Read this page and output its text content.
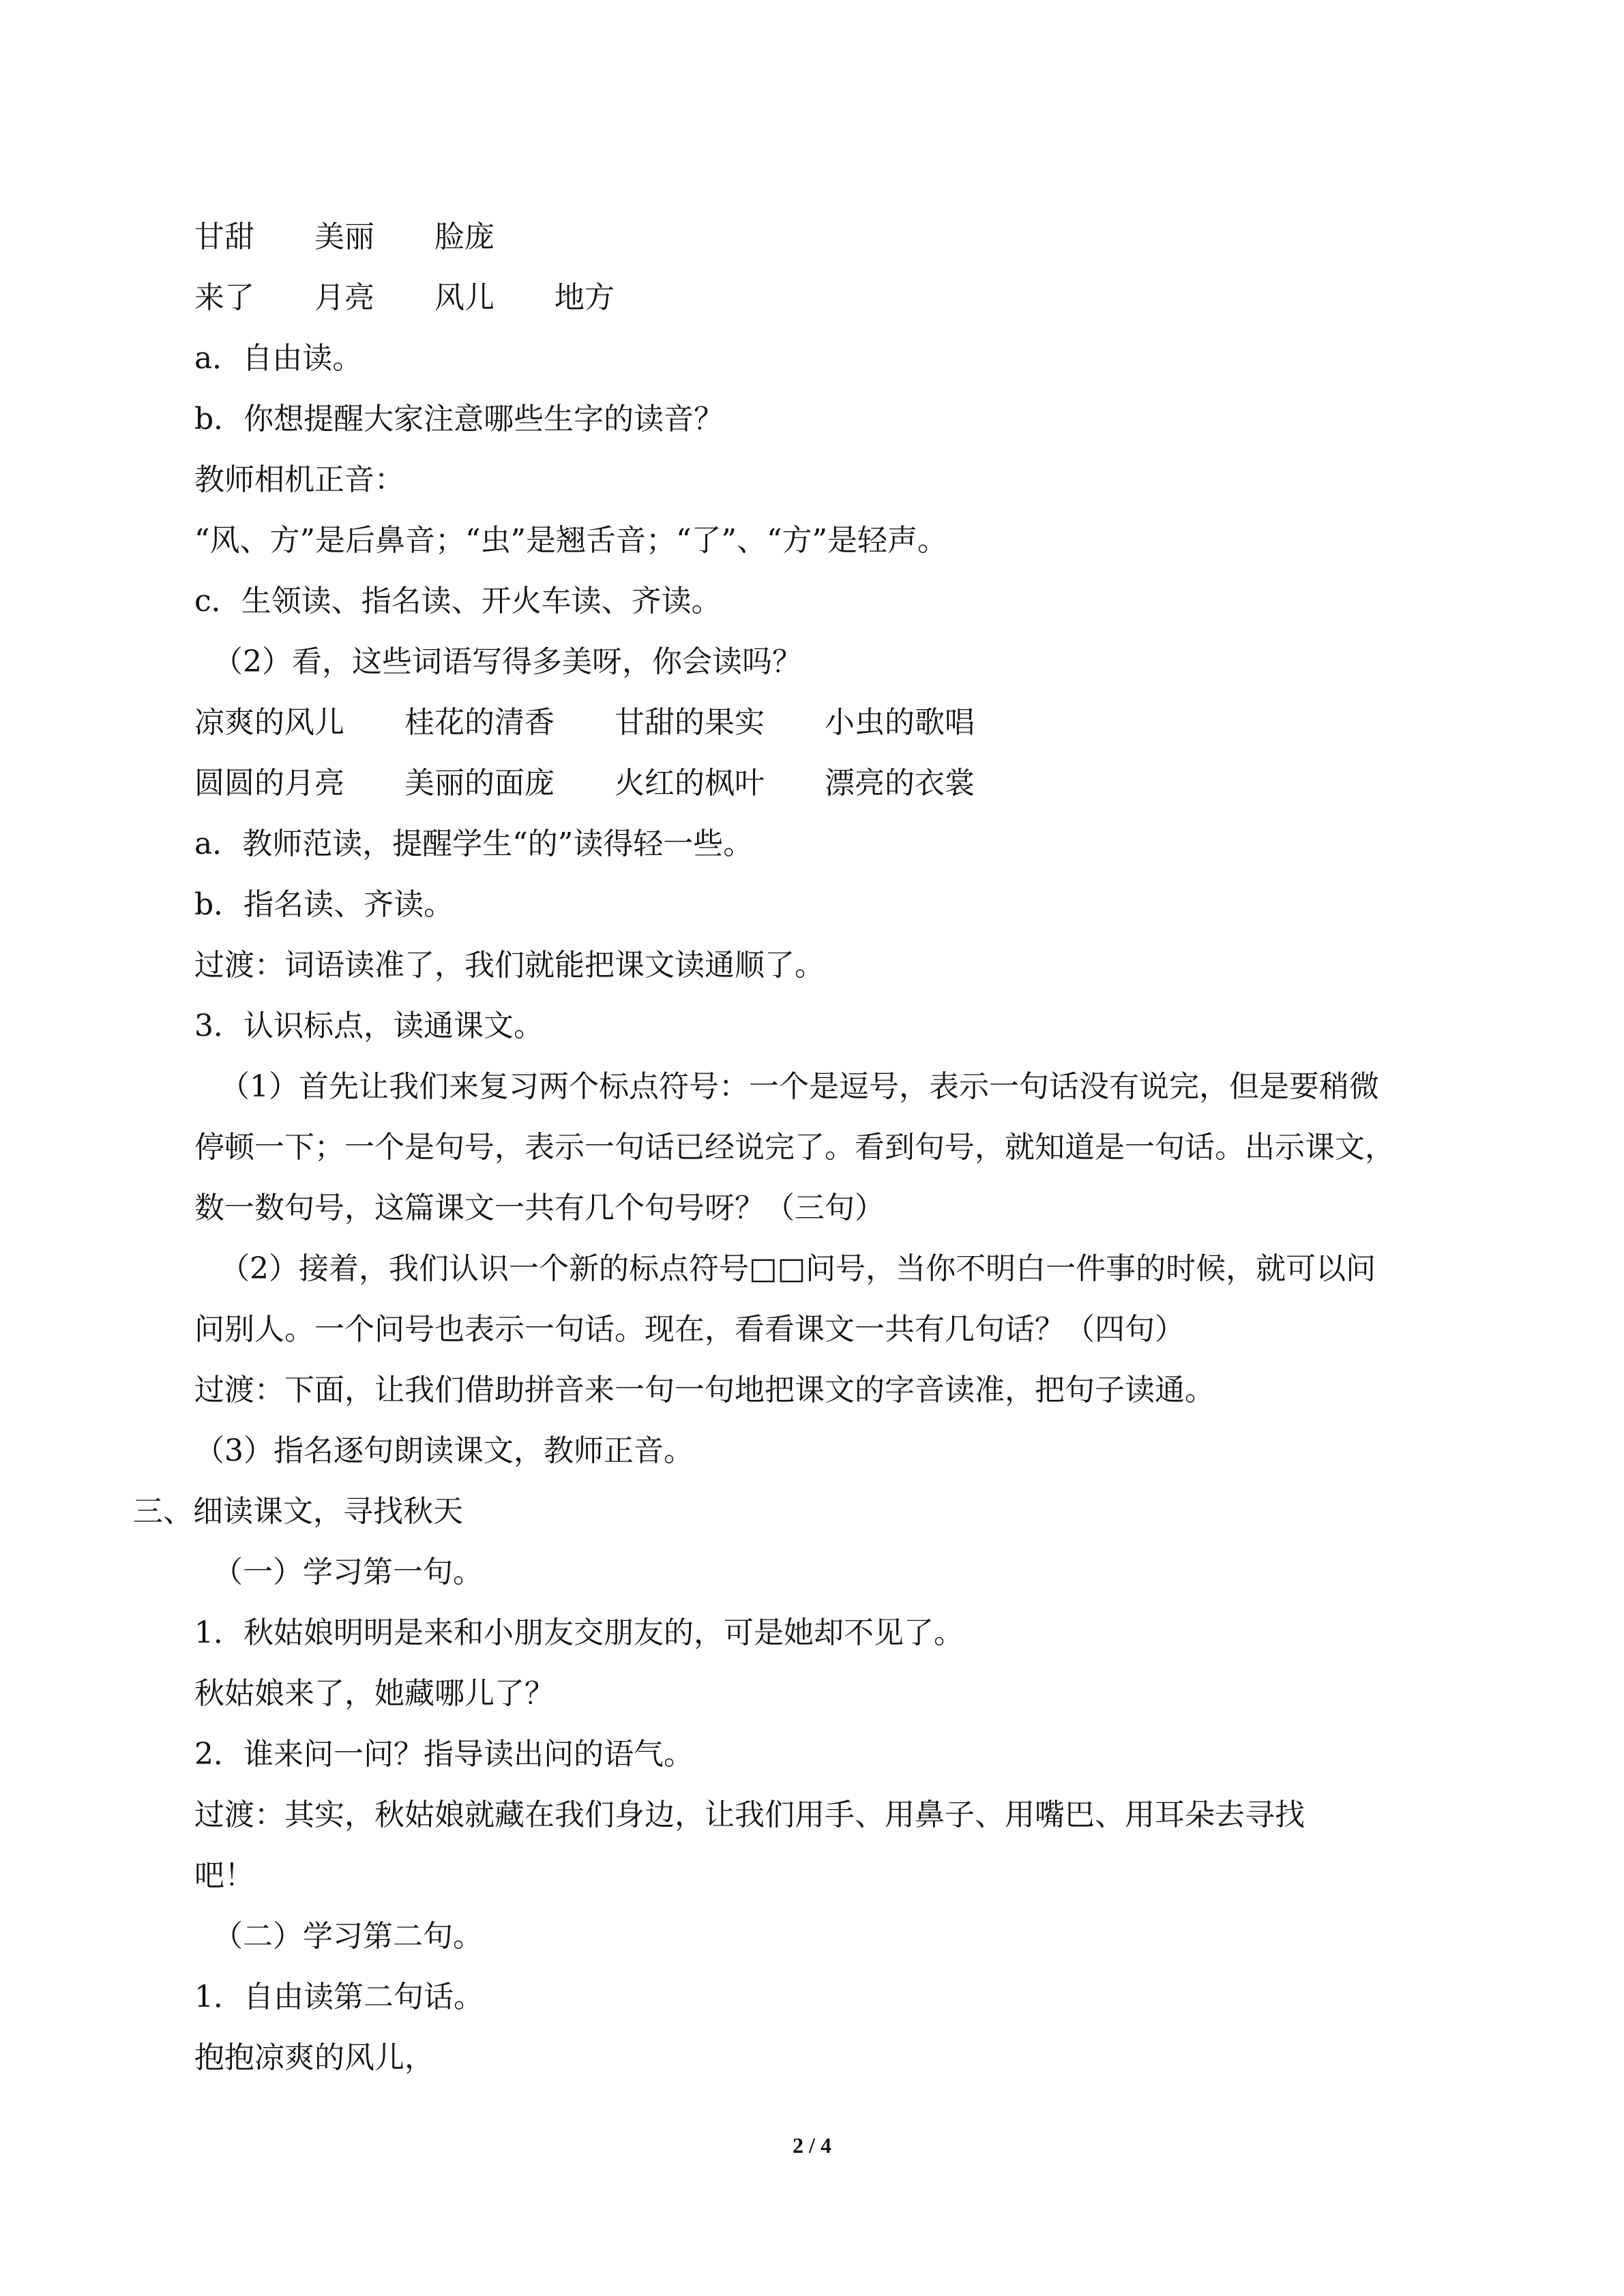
甘甜　　美丽　　脸庞
来了　　月亮　　风儿　　地方
a．自由读。
b．你想提醒大家注意哪些生字的读音？
教师相机正音：
“风、方”是后鼻音；“虫”是翘舌音；“了”、“方”是轻声。
c．生领读、指名读、开火车读、齐读。
（2）看，这些词语写得多美呀，你会读吗？
凉爽的风儿　　桂花的清香　　甘甜的果实　　小虫的歌唱
圆圆的月亮　　美丽的面庞　　火红的枫叶　　漂亮的衣裳
a．教师范读，提醒学生“的”读得轻一些。
b．指名读、齐读。
过渡：词语读准了，我们就能把课文读通顺了。
3．认识标点，读通课文。
（1）首先让我们来复习两个标点符号：一个是逗号，表示一句话没有说完，但是要稍微
停顿一下；一个是句号，表示一句话已经说完了。看到句号，就知道是一句话。出示课文，
数一数句号，这篇课文一共有几个句号呀？（三句）
（2）接着，我们认识一个新的标点符号□□问号，当你不明白一件事的时候，就可以问
问别人。一个问号也表示一句话。现在，看看课文一共有几句话？（四句）
过渡：下面，让我们借助拼音来一句一句地把课文的字音读准，把句子读通。
（3）指名逐句朗读课文，教师正音。
三、细读课文，寻找秋天
（一）学习第一句。
1．秋姑娘明明是来和小朋友交朋友的，可是她却不见了。
秋姑娘来了，她藏哪儿了？
2．谁来问一问？指导读出问的语气。
过渡：其实，秋姑娘就藏在我们身边，让我们用手、用鼻子、用嘴巴、用耳朵去寻找
吧！
（二）学习第二句。
1．自由读第二句话。
抱抱凉爽的风儿，
2 / 4
